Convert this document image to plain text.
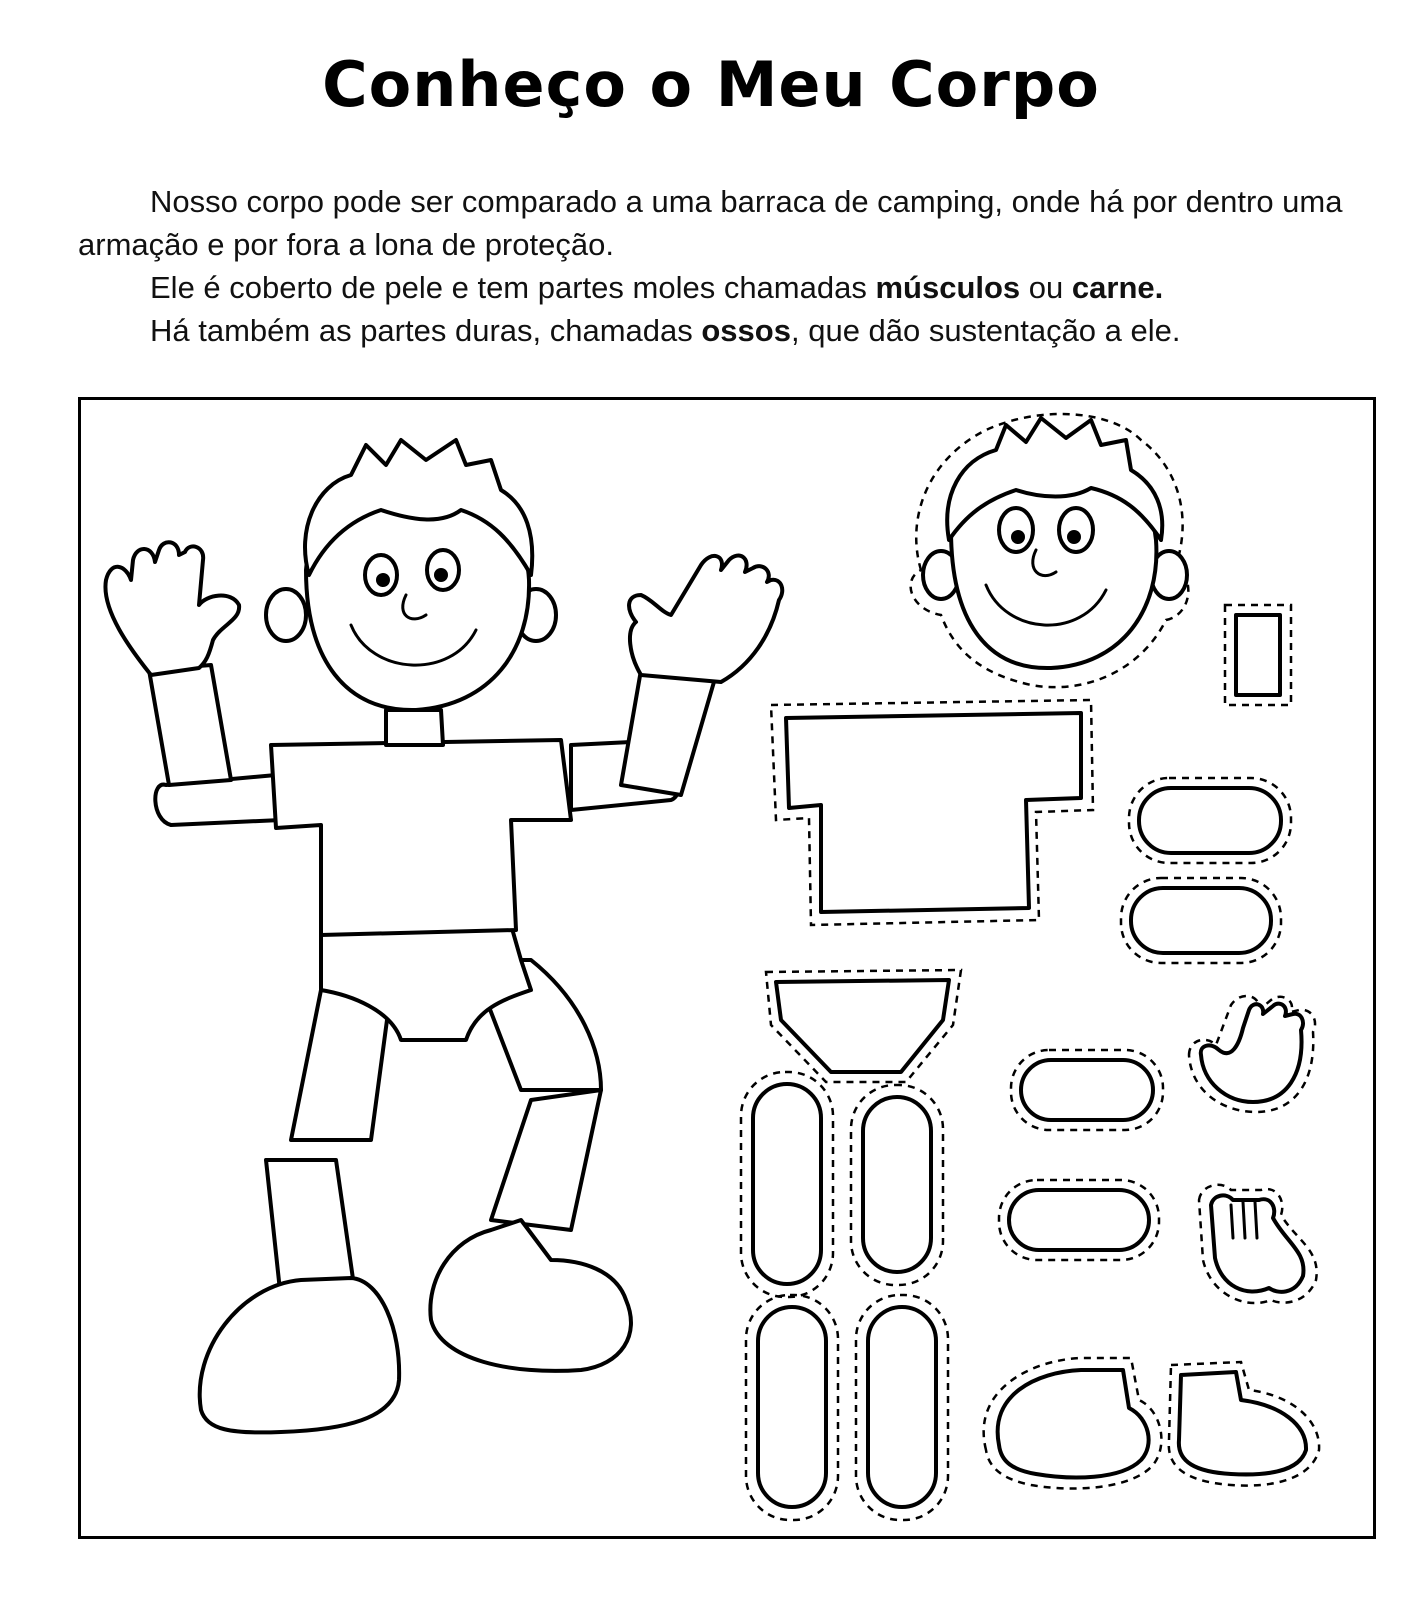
Conheço o Meu Corpo

Nosso corpo pode ser comparado a uma barraca de camping, onde há por dentro uma armação e por fora a lona de proteção.

Ele é coberto de pele e tem partes moles chamadas músculos ou carne.

Há também as partes duras, chamadas ossos, que dão sustentação a ele.
